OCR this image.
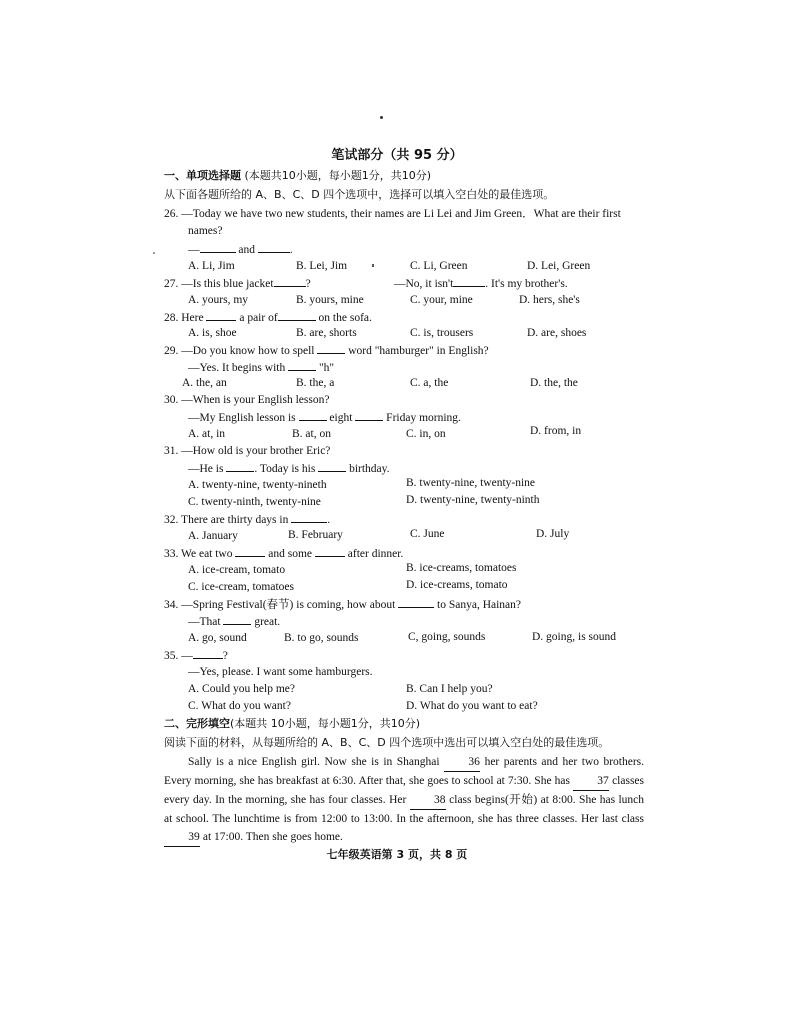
笔试部分（共 95 分）
一、单项选择题 (本题共10小题，每小题1分，共10分)
从下面各题所给的 A、B、C、D 四个选项中，选择可以填入空白处的最佳选项。
26. —Today we have two new students, their names are Li Lei and Jim Green．What are their first
names?
—	and	.
A. Li, Jim	B. Lei, Jim	C. Li, Green	D. Lei, Green
27. —Is this blue jacket	?	—No, it isn't	. It's my brother's.
A. yours, my	B. yours, mine	C. your, mine	D. hers, she's
28. Here	a pair of	on the sofa.
A. is, shoe	B. are, shorts	C. is, trousers	D. are, shoes
29. —Do you know how to spell	word "hamburger" in English?
—Yes. It begins with	"h"
A. the, an	B. the, a	C. a, the	D. the, the
30. —When is your English lesson?
—My English lesson is	eight	Friday morning.
A. at, in	B. at, on	C. in, on	D. from, in
31. —How old is your brother Eric?
—He is	. Today is his	birthday.
A. twenty-nine, twenty-nineth	B. twenty-nine, twenty-nine
C. twenty-ninth, twenty-nine	D. twenty-nine, twenty-ninth
32. There are thirty days in	.
A. January	B. February	C. June	D. July
33. We eat two	and some	after dinner.
A. ice-cream, tomato	B. ice-creams, tomatoes
C. ice-cream, tomatoes	D. ice-creams, tomato
34. —Spring Festival(春节) is coming, how about	to Sanya, Hainan?
—That	great.
A. go, sound	B. to go, sounds	C, going, sounds	D. going, is sound
35. —	?
—Yes, please. I want some hamburgers.
A. Could you help me?	B. Can I help you?
C. What do you want?	D. What do you want to eat?
二、完形填空(本题共 10小题，每小题1分，共10分)
阅读下面的材料，从每题所给的 A、B、C、D 四个选项中选出可以填入空白处的最佳选项。
Sally is a nice English girl. Now she is in Shanghai	36 her parents and her two brothers. Every morning, she has breakfast at 6:30. After that, she goes to school at 7:30. She has 37 classes every day. In the morning, she has four classes. Her 38 class begins(开始) at 8:00. She has lunch at school. The lunchtime is from 12:00 to 13:00. In the afternoon, she has three classes. Her last class 39 at 17:00. Then she goes home.
七年级英语第 3 页，共 8 页
